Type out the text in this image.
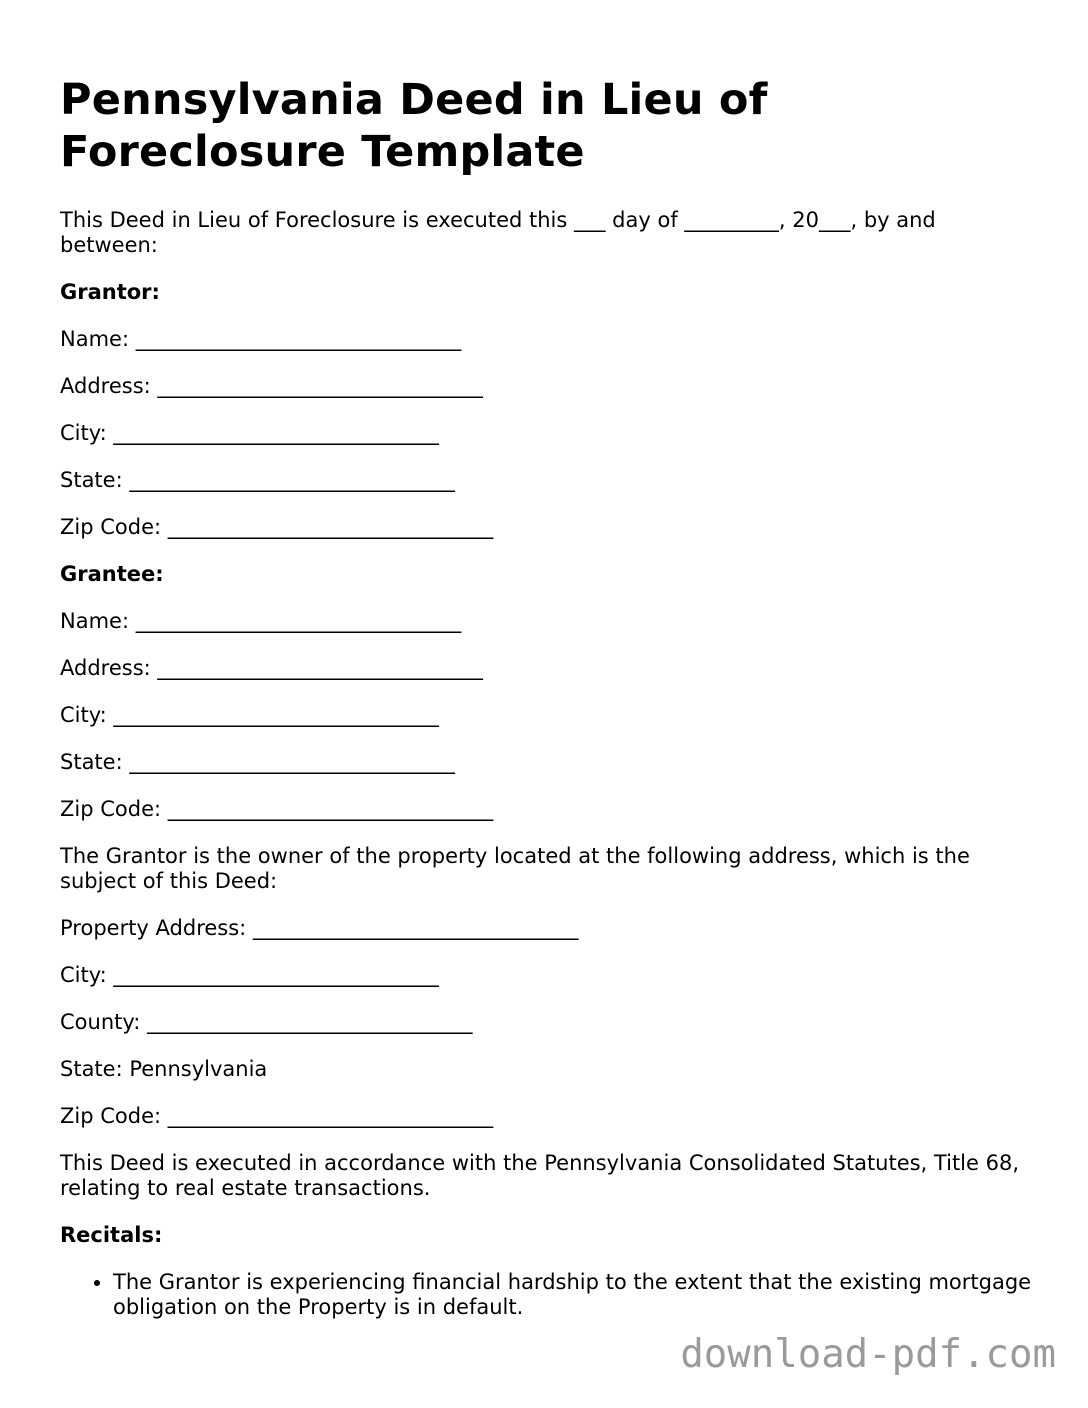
Pennsylvania Deed in Lieu of Foreclosure Template

This Deed in Lieu of Foreclosure is executed this ___ day of _________, 20___, by and between:

Grantor:
Name: _______________________________
Address: _______________________________
City: _______________________________
State: _______________________________
Zip Code: _______________________________
Grantee:
Name: _______________________________
Address: _______________________________
City: _______________________________
State: _______________________________
Zip Code: _______________________________

The Grantor is the owner of the property located at the following address, which is the subject of this Deed:

Property Address: _______________________________
City: _______________________________
County: _______________________________
State: Pennsylvania
Zip Code: _______________________________

This Deed is executed in accordance with the Pennsylvania Consolidated Statutes, Title 68, relating to real estate transactions.

Recitals:
• The Grantor is experiencing financial hardship to the extent that the existing mortgage obligation on the Property is in default.
download-pdf.com
